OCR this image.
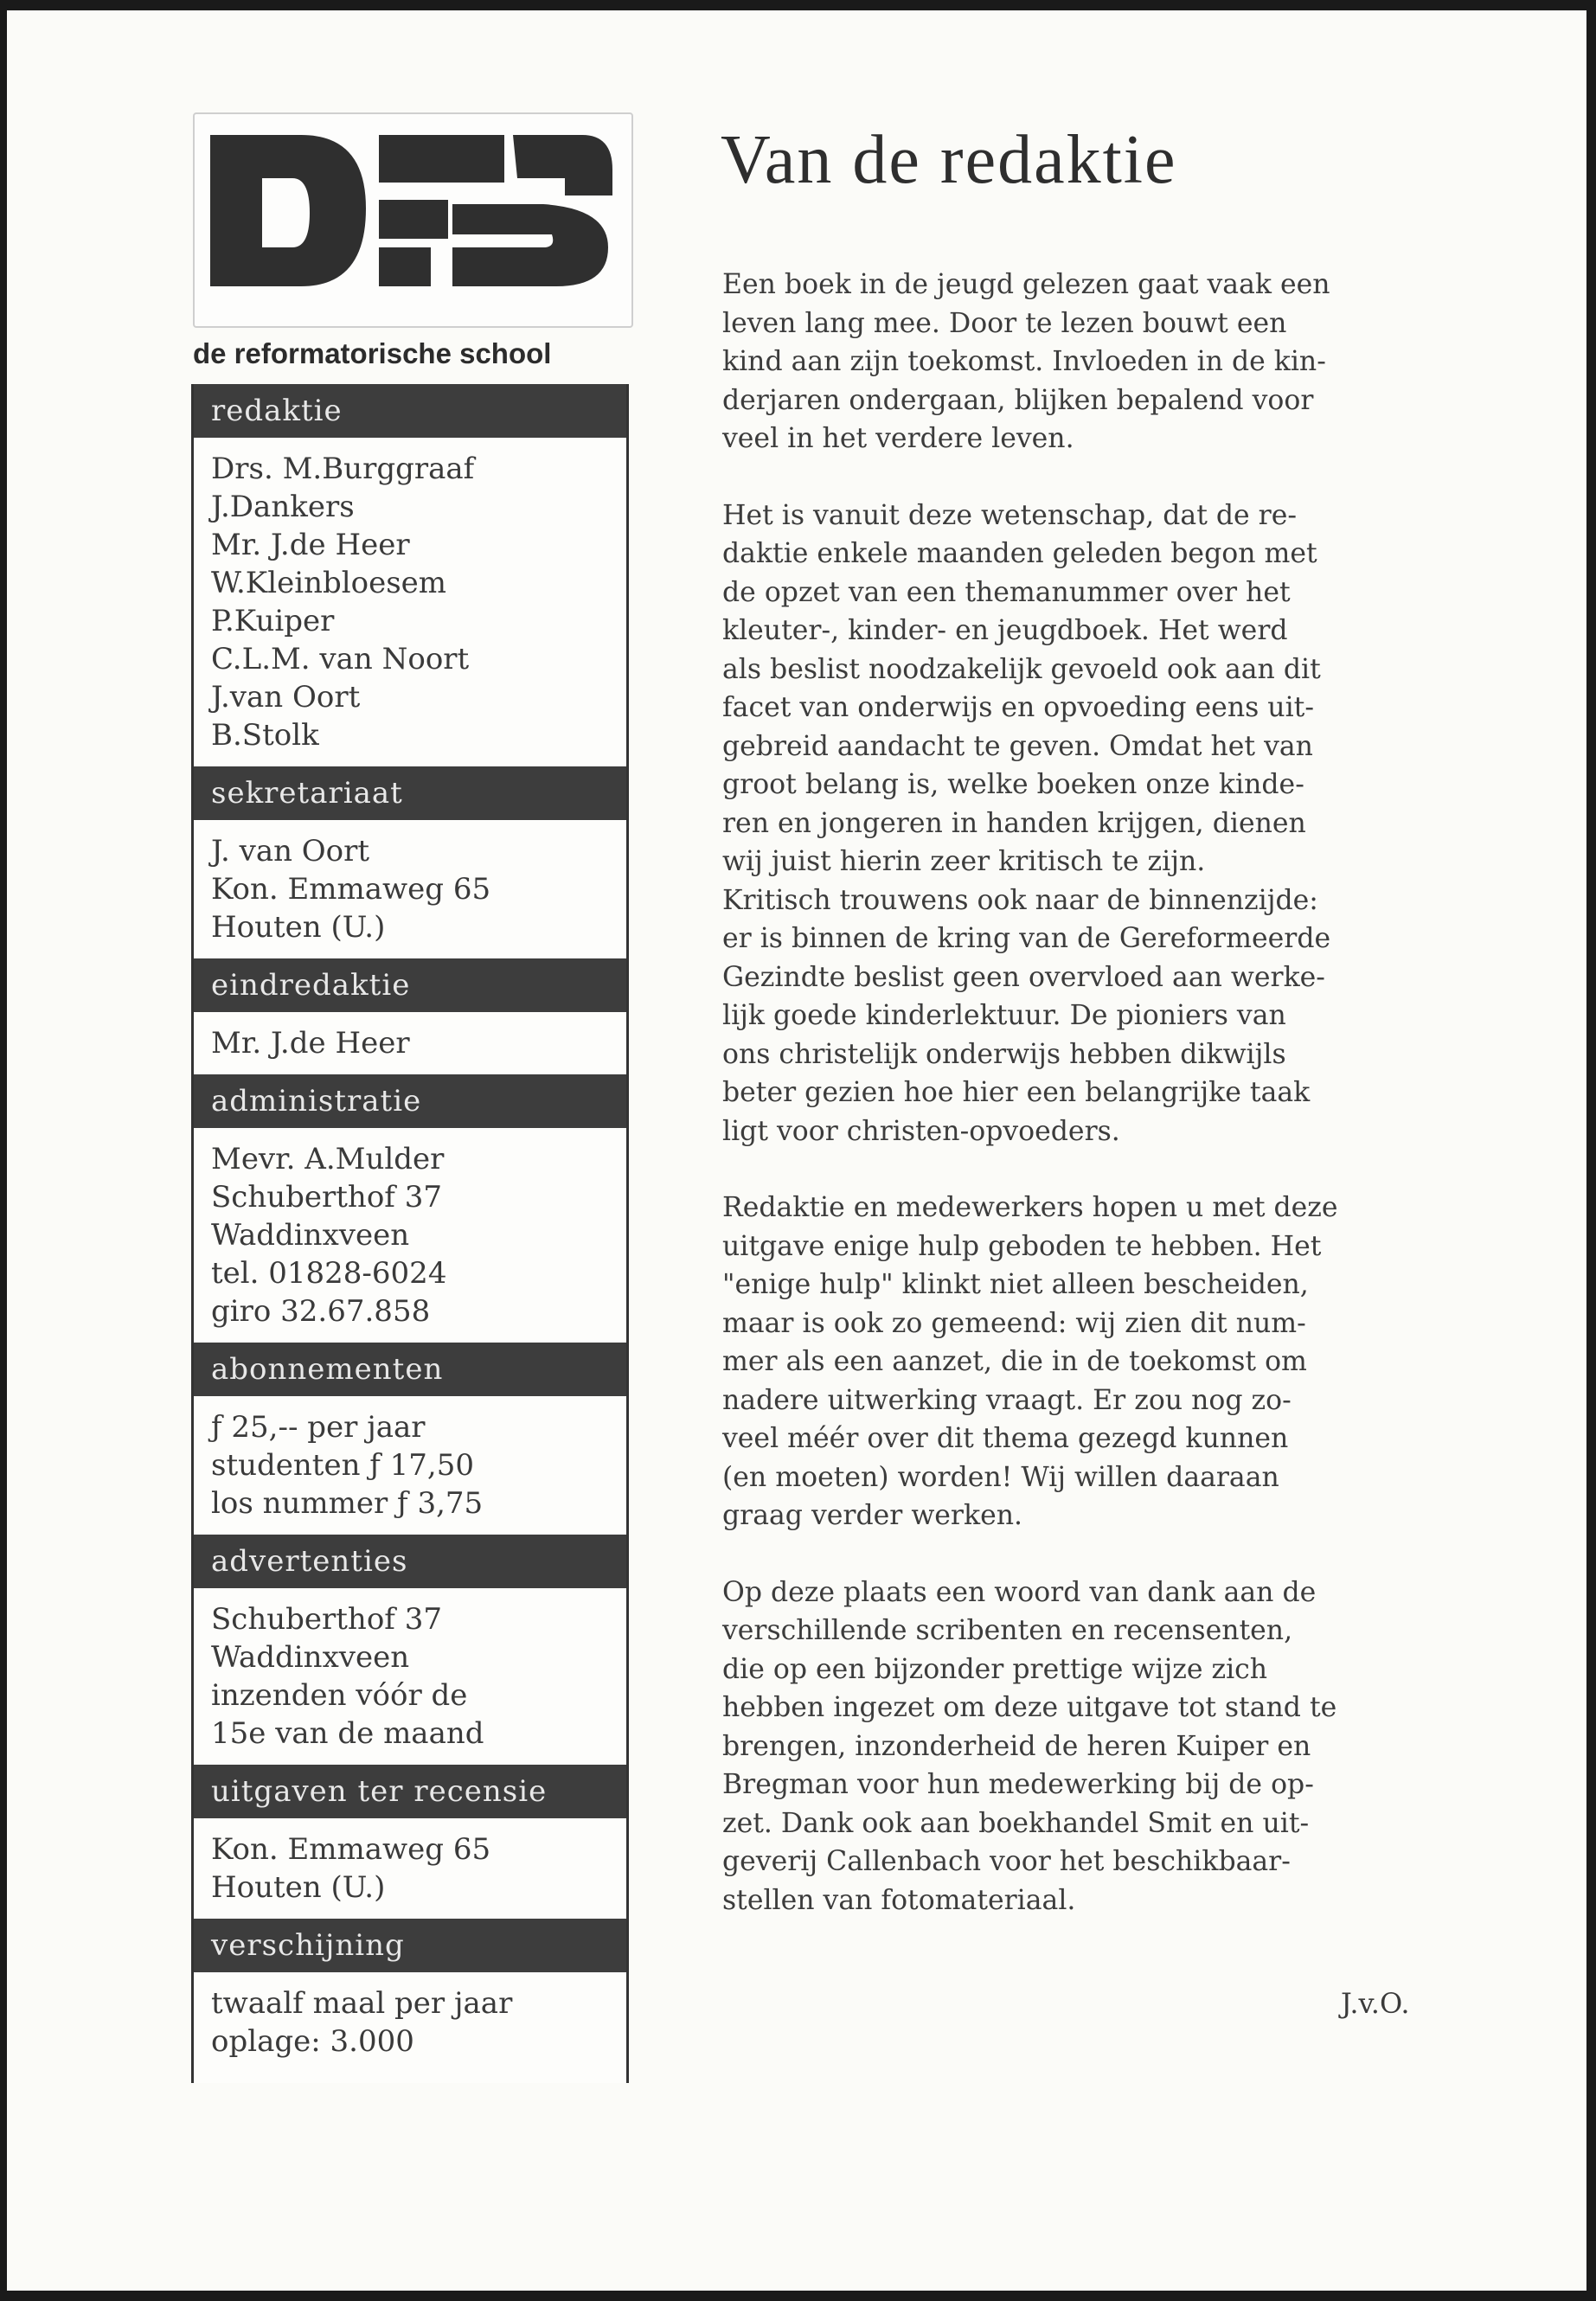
de reformatorische school
redaktie
Drs. M.Burggraaf
J.Dankers
Mr. J.de Heer
W.Kleinbloesem
P.Kuiper
C.L.M. van Noort
J.van Oort
B.Stolk
sekretariaat
J. van Oort
Kon. Emmaweg 65
Houten (U.)
eindredaktie
Mr. J.de Heer
administratie
Mevr. A.Mulder
Schuberthof 37
Waddinxveen
tel. 01828-6024
giro 32.67.858
abonnementen
ƒ 25,-- per jaar
studenten ƒ 17,50
los nummer ƒ 3,75
advertenties
Schuberthof 37
Waddinxveen
inzenden vóór de
15e van de maand
uitgaven ter recensie
Kon. Emmaweg 65
Houten (U.)
verschijning
twaalf maal per jaar
oplage: 3.000
Van de redaktie
Een boek in de jeugd gelezen gaat vaak een
leven lang mee. Door te lezen bouwt een
kind aan zijn toekomst. Invloeden in de kin-
derjaren ondergaan, blijken bepalend voor
veel in het verdere leven.
Het is vanuit deze wetenschap, dat de re-
daktie enkele maanden geleden begon met
de opzet van een themanummer over het
kleuter-, kinder- en jeugdboek. Het werd
als beslist noodzakelijk gevoeld ook aan dit
facet van onderwijs en opvoeding eens uit-
gebreid aandacht te geven. Omdat het van
groot belang is, welke boeken onze kinde-
ren en jongeren in handen krijgen, dienen
wij juist hierin zeer kritisch te zijn.
Kritisch trouwens ook naar de binnenzijde:
er is binnen de kring van de Gereformeerde
Gezindte beslist geen overvloed aan werke-
lijk goede kinderlektuur. De pioniers van
ons christelijk onderwijs hebben dikwijls
beter gezien hoe hier een belangrijke taak
ligt voor christen-opvoeders.
Redaktie en medewerkers hopen u met deze
uitgave enige hulp geboden te hebben. Het
"enige hulp" klinkt niet alleen bescheiden,
maar is ook zo gemeend: wij zien dit num-
mer als een aanzet, die in de toekomst om
nadere uitwerking vraagt. Er zou nog zo-
veel méér over dit thema gezegd kunnen
(en moeten) worden! Wij willen daaraan
graag verder werken.
Op deze plaats een woord van dank aan de
verschillende scribenten en recensenten,
die op een bijzonder prettige wijze zich
hebben ingezet om deze uitgave tot stand te
brengen, inzonderheid de heren Kuiper en
Bregman voor hun medewerking bij de op-
zet. Dank ook aan boekhandel Smit en uit-
geverij Callenbach voor het beschikbaar-
stellen van fotomateriaal.
J.v.O.
